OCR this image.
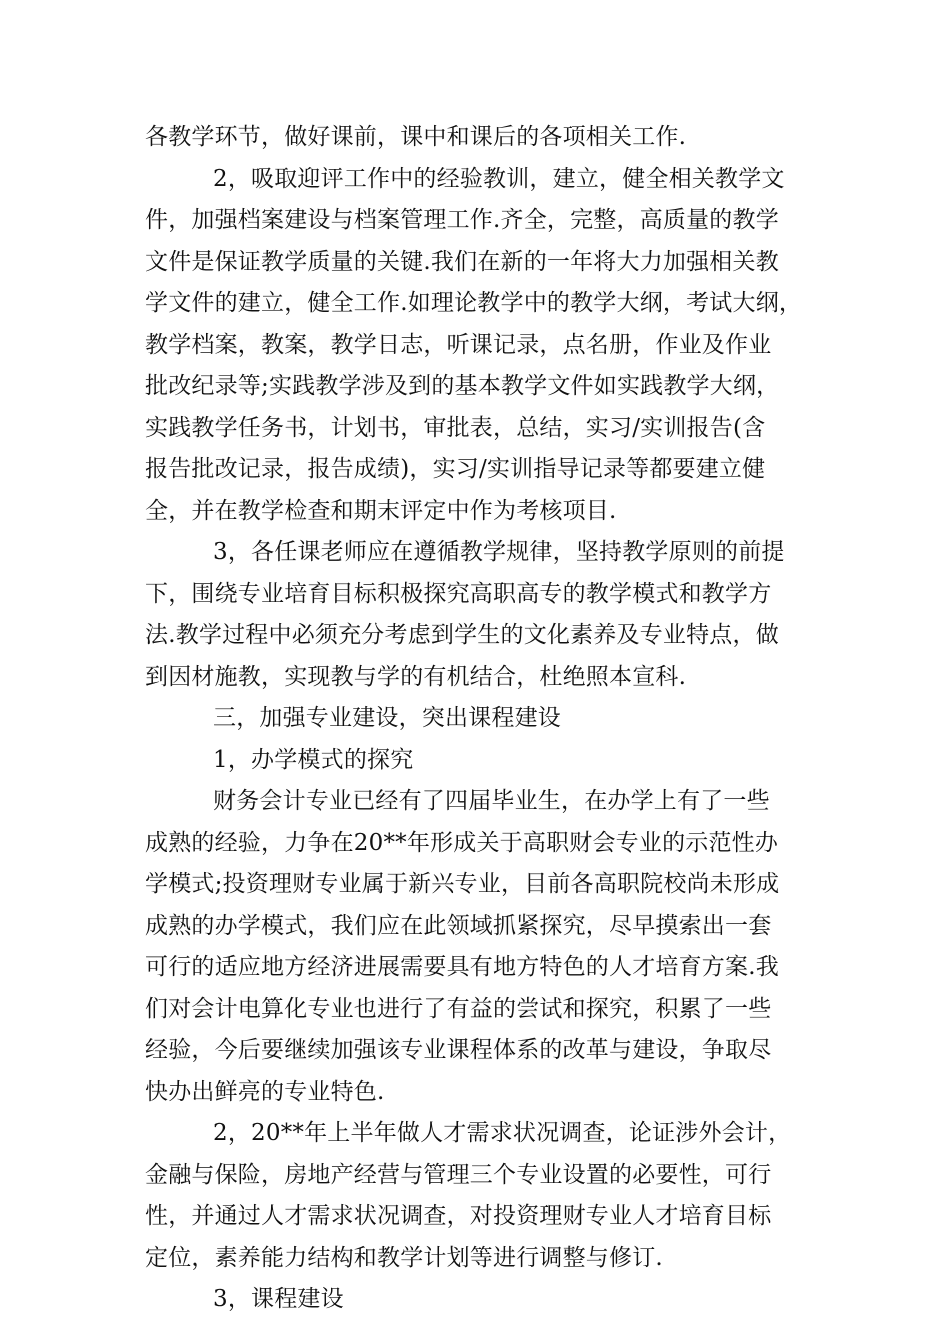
各教学环节，做好课前，课中和课后的各项相关工作.

2，吸取迎评工作中的经验教训，建立，健全相关教学文
件，加强档案建设与档案管理工作.齐全，完整，高质量的教学
文件是保证教学质量的关键.我们在新的一年将大力加强相关教
学文件的建立，健全工作.如理论教学中的教学大纲，考试大纲，
教学档案，教案，教学日志，听课记录，点名册，作业及作业
批改纪录等;实践教学涉及到的基本教学文件如实践教学大纲，
实践教学任务书，计划书，审批表，总结，实习/实训报告(含
报告批改记录，报告成绩)，实习/实训指导记录等都要建立健
全，并在教学检查和期末评定中作为考核项目.

3，各任课老师应在遵循教学规律，坚持教学原则的前提
下，围绕专业培育目标积极探究高职高专的教学模式和教学方
法.教学过程中必须充分考虑到学生的文化素养及专业特点，做
到因材施教，实现教与学的有机结合，杜绝照本宣科.

三，加强专业建设，突出课程建设

1，办学模式的探究

财务会计专业已经有了四届毕业生，在办学上有了一些
成熟的经验，力争在20**年形成关于高职财会专业的示范性办
学模式;投资理财专业属于新兴专业，目前各高职院校尚未形成
成熟的办学模式，我们应在此领域抓紧探究，尽早摸索出一套
可行的适应地方经济进展需要具有地方特色的人才培育方案.我
们对会计电算化专业也进行了有益的尝试和探究，积累了一些
经验，今后要继续加强该专业课程体系的改革与建设，争取尽
快办出鲜亮的专业特色.

2，20**年上半年做人才需求状况调查，论证涉外会计，
金融与保险，房地产经营与管理三个专业设置的必要性，可行
性，并通过人才需求状况调查，对投资理财专业人才培育目标
定位，素养能力结构和教学计划等进行调整与修订.

3，课程建设
